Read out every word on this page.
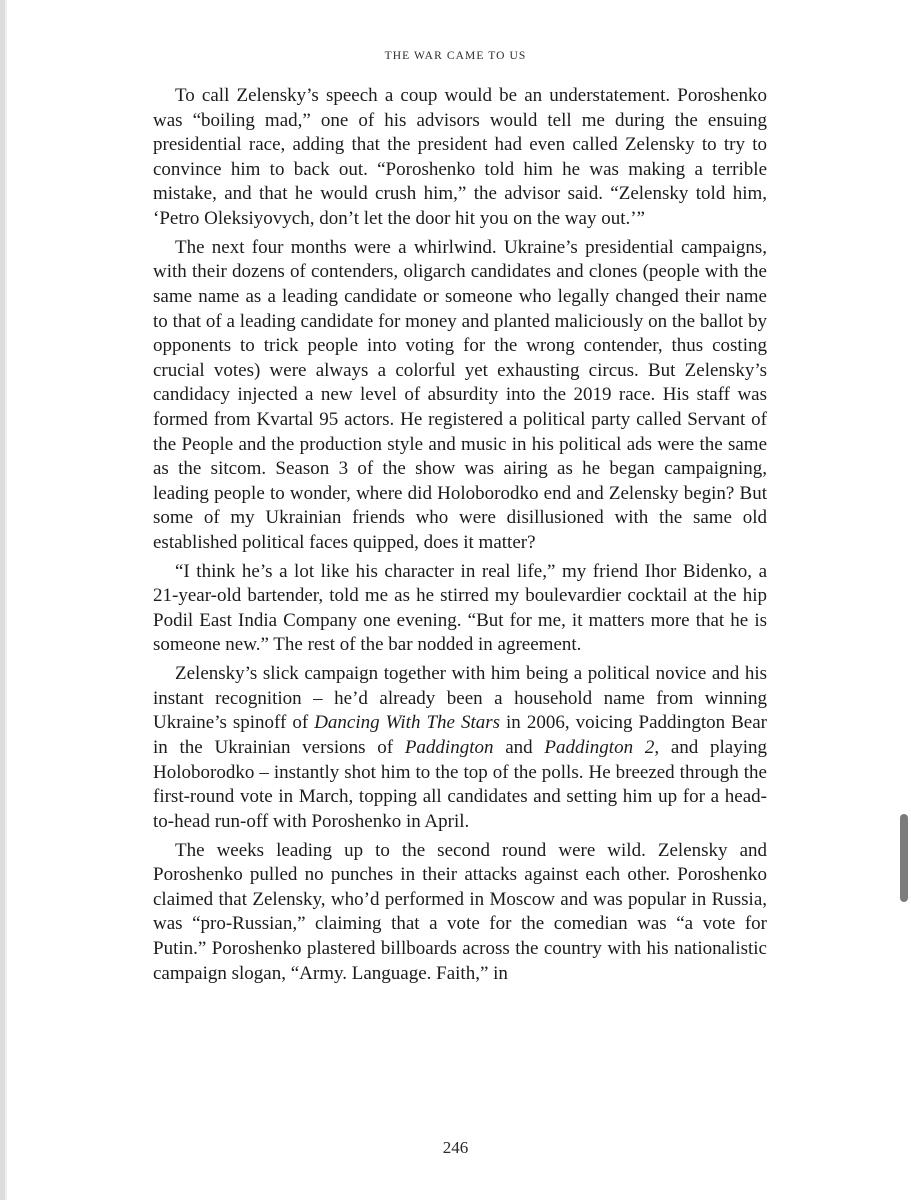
THE WAR CAME TO US

To call Zelensky’s speech a coup would be an understatement. Poroshenko was “boiling mad,” one of his advisors would tell me during the ensuing presidential race, adding that the president had even called Zelensky to try to convince him to back out. “Poroshenko told him he was making a terrible mistake, and that he would crush him,” the advisor said. “Zelensky told him, ‘Petro Oleksiyovych, don’t let the door hit you on the way out.’”

The next four months were a whirlwind. Ukraine’s presidential campaigns, with their dozens of contenders, oligarch candidates and clones (people with the same name as a leading candidate or someone who legally changed their name to that of a leading candidate for money and planted maliciously on the ballot by opponents to trick people into voting for the wrong contender, thus costing crucial votes) were always a colorful yet exhausting circus. But Zelensky’s candidacy injected a new level of absurdity into the 2019 race. His staff was formed from Kvartal 95 actors. He registered a political party called Servant of the People and the production style and music in his political ads were the same as the sitcom. Season 3 of the show was airing as he began campaigning, leading people to wonder, where did Holoborodko end and Zelensky begin? But some of my Ukrainian friends who were disillusioned with the same old established political faces quipped, does it matter?

“I think he’s a lot like his character in real life,” my friend Ihor Bidenko, a 21-year-old bartender, told me as he stirred my boulevardier cocktail at the hip Podil East India Company one evening. “But for me, it matters more that he is someone new.” The rest of the bar nodded in agreement.

Zelensky’s slick campaign together with him being a political novice and his instant recognition – he’d already been a household name from winning Ukraine’s spinoff of Dancing With The Stars in 2006, voicing Paddington Bear in the Ukrainian versions of Paddington and Paddington 2, and playing Holoborodko – instantly shot him to the top of the polls. He breezed through the first-round vote in March, topping all candidates and setting him up for a head-to-head run-off with Poroshenko in April.

The weeks leading up to the second round were wild. Zelensky and Poroshenko pulled no punches in their attacks against each other. Poroshenko claimed that Zelensky, who’d performed in Moscow and was popular in Russia, was “pro-Russian,” claiming that a vote for the comedian was “a vote for Putin.” Poroshenko plastered billboards across the country with his nationalistic campaign slogan, “Army. Language. Faith,” in

246
